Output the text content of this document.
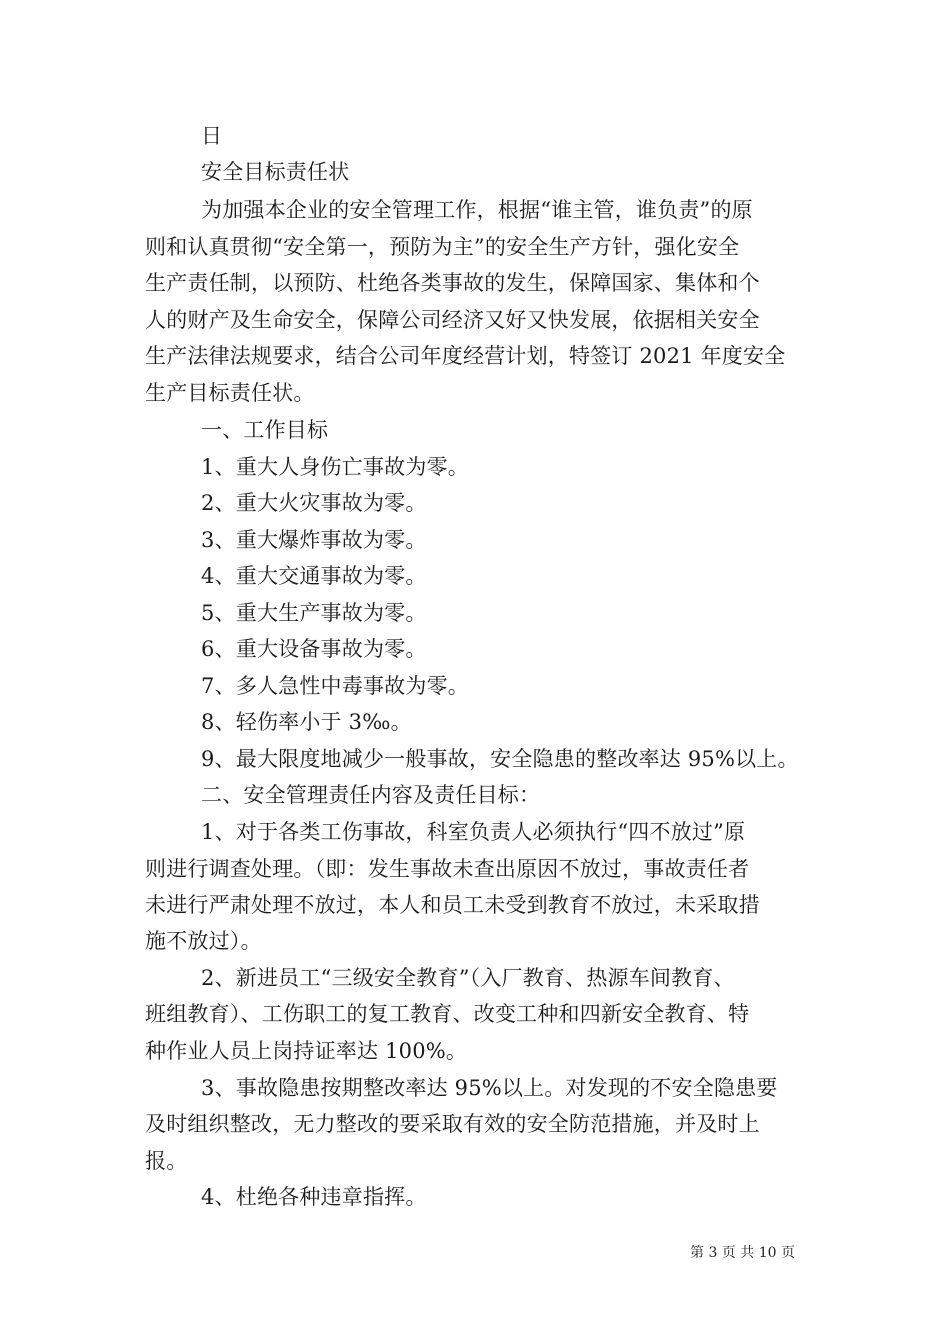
日
安全目标责任状
为加强本企业的安全管理工作，根据“谁主管，谁负责”的原
则和认真贯彻“安全第一，预防为主”的安全生产方针，强化安全
生产责任制，以预防、杜绝各类事故的发生，保障国家、集体和个
人的财产及生命安全，保障公司经济又好又快发展，依据相关安全
生产法律法规要求，结合公司年度经营计划，特签订 2021 年度安全
生产目标责任状。
一、工作目标
1、重大人身伤亡事故为零。
2、重大火灾事故为零。
3、重大爆炸事故为零。
4、重大交通事故为零。
5、重大生产事故为零。
6、重大设备事故为零。
7、多人急性中毒事故为零。
8、轻伤率小于 3‰。
9、最大限度地减少一般事故，安全隐患的整改率达 95%以上。
二、安全管理责任内容及责任目标：
1、对于各类工伤事故，科室负责人必须执行“四不放过”原
则进行调查处理。（即：发生事故未查出原因不放过，事故责任者
未进行严肃处理不放过，本人和员工未受到教育不放过，未采取措
施不放过）。
2、新进员工“三级安全教育”（入厂教育、热源车间教育、
班组教育）、工伤职工的复工教育、改变工种和四新安全教育、特
种作业人员上岗持证率达 100%。
3、事故隐患按期整改率达 95%以上。对发现的不安全隐患要
及时组织整改，无力整改的要采取有效的安全防范措施，并及时上
报。
4、杜绝各种违章指挥。
第 3 页 共 10 页
